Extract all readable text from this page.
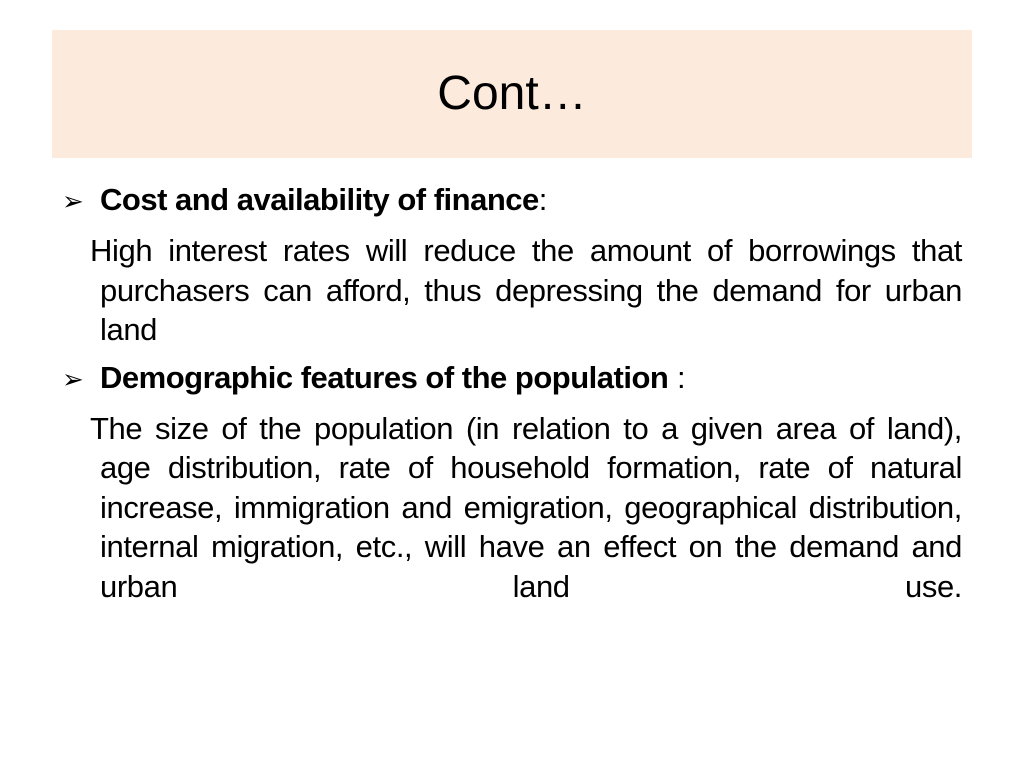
Cont…
➢ Cost and availability of finance:

High interest rates will reduce the amount of borrowings that purchasers can afford, thus depressing the demand for urban land

➢ Demographic features of the population :

The size of the population (in relation to a given area of land), age distribution, rate of household formation, rate of natural increase, immigration and emigration, geographical distribution, internal migration, etc., will have an effect on the demand and urban land use.
